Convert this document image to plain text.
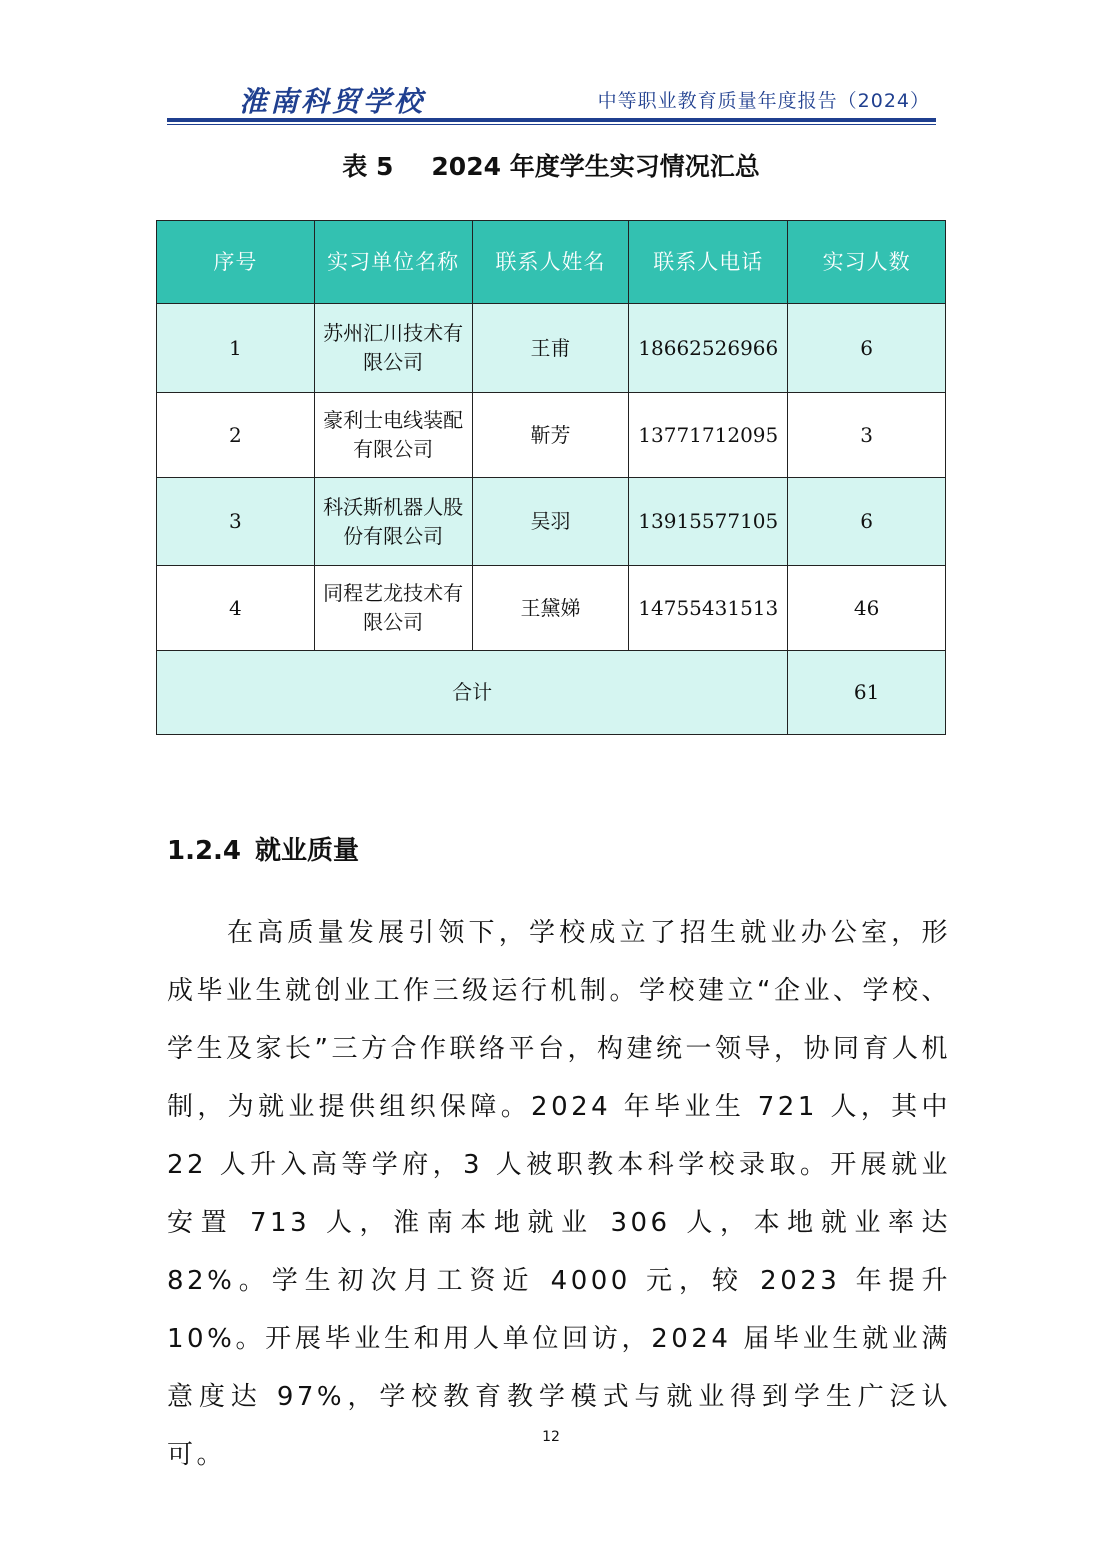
淮南科贸学校	中等职业教育质量年度报告（2024）
表 5 2024 年度学生实习情况汇总
序号	实习单位名称	联系人姓名	联系人电话	实习人数
1	苏州汇川技术有限公司	王甫	18662526966	6
2	豪利士电线装配有限公司	靳芳	13771712095	3
3	科沃斯机器人股份有限公司	吴羽	13915577105	6
4	同程艺龙技术有限公司	王黛娣	14755431513	46
合计				61
1.2.4 就业质量

在高质量发展引领下，学校成立了招生就业办公室，形成毕业生就创业工作三级运行机制。学校建立“企业、学校、学生及家长”三方合作联络平台，构建统一领导，协同育人机制，为就业提供组织保障。2024 年毕业生 721 人，其中 22 人升入高等学府，3 人被职教本科学校录取。开展就业安置 713 人，淮南本地就业 306 人，本地就业率达 82%。学生初次月工资近 4000 元，较 2023 年提升 10%。开展毕业生和用人单位回访，2024 届毕业生就业满意度达 97%，学校教育教学模式与就业得到学生广泛认可。

12
